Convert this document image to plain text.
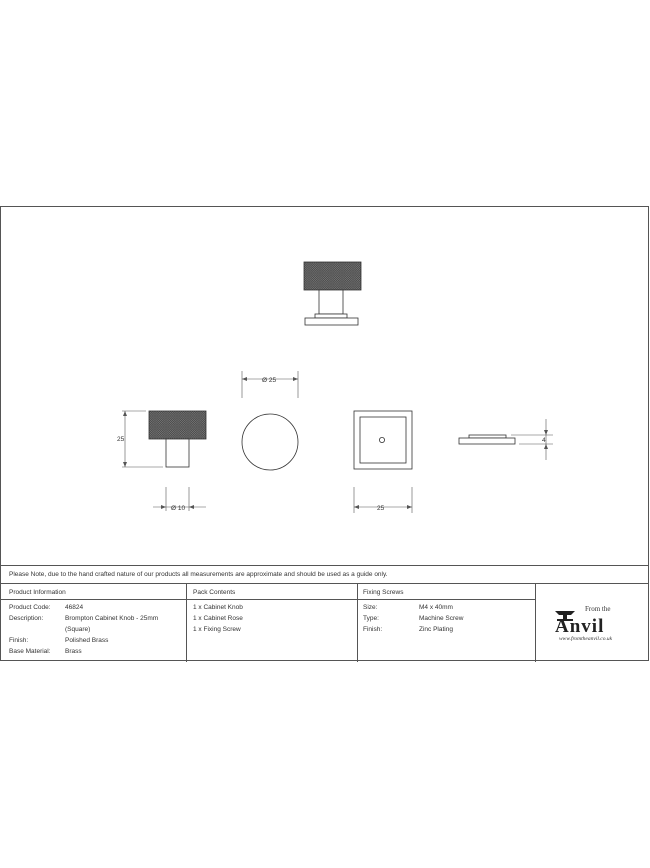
25
Ø 10
Ø 25
25
4
Please Note, due to the hand crafted nature of our products all measurements are approximate and should be used as a guide only.
Product Information	Pack Contents	Fixing Screws
Product Code: 46824
Description:	Brompton Cabinet Knob - 25mm
(Square)
Finish:	Polished Brass
Base Material: Brass
1 x Cabinet Knob
1 x Cabinet Rose
1 x Fixing Screw
Size:	M4 x 40mm
Type:	Machine Screw
Finish:	Zinc Plating
From the
Anvil
www.fromtheanvil.co.uk
